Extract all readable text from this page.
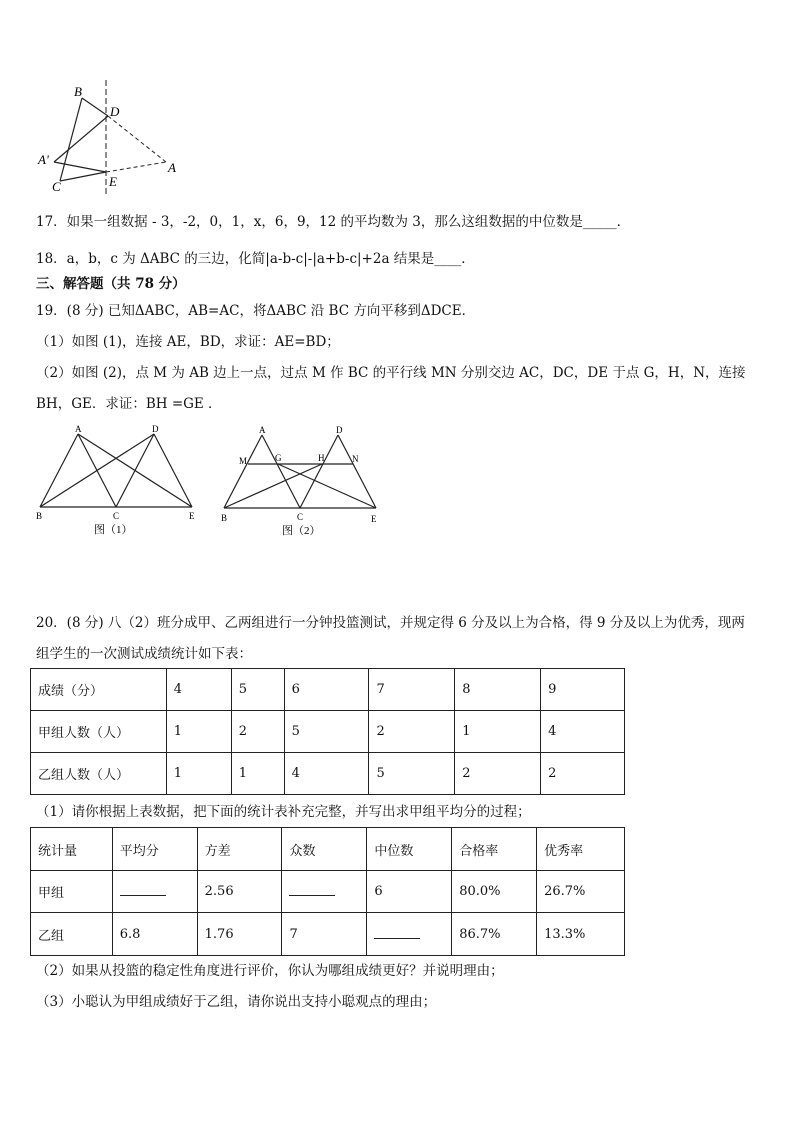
B
D
A'
A
C	E
17．如果一组数据 - 3，-2，0，1，x，6，9，12 的平均数为 3，那么这组数据的中位数是_____．
18．a，b，c 为 ΔABC 的三边，化简|a-b-c|-|a+b-c|+2a 结果是____．
三、解答题（共 78 分）
19．(8 分) 已知ΔABC，AB=AC，将ΔABC 沿 BC 方向平移到ΔDCE．
（1）如图 (1)，连接 AE，BD，求证：AE=BD；
（2）如图 (2)，点 M 为 AB 边上一点，过点 M 作 BC 的平行线 MN 分别交边 AC，DC，DE 于点 G，H，N，连接
BH，GE．求证：BH =GE ．
A	D
B	C	E
图（1）
A	D
M	G	H	N
B	C	E
图（2）
20．(8 分) 八（2）班分成甲、乙两组进行一分钟投篮测试，并规定得 6 分及以上为合格，得 9 分及以上为优秀，现两
组学生的一次测试成绩统计如下表：
成绩（分）	4	5	6	7	8	9
甲组人数（人）	1	2	5	2	1	4
乙组人数（人）	1	1	4	5	2	2
（1）请你根据上表数据，把下面的统计表补充完整，并写出求甲组平均分的过程；
统计量	平均分	方差	众数	中位数	合格率	优秀率
甲组		2.56		6	80.0%	26.7%
乙组	6.8	1.76	7		86.7%	13.3%
（2）如果从投篮的稳定性角度进行评价，你认为哪组成绩更好？并说明理由；
（3）小聪认为甲组成绩好于乙组，请你说出支持小聪观点的理由；
